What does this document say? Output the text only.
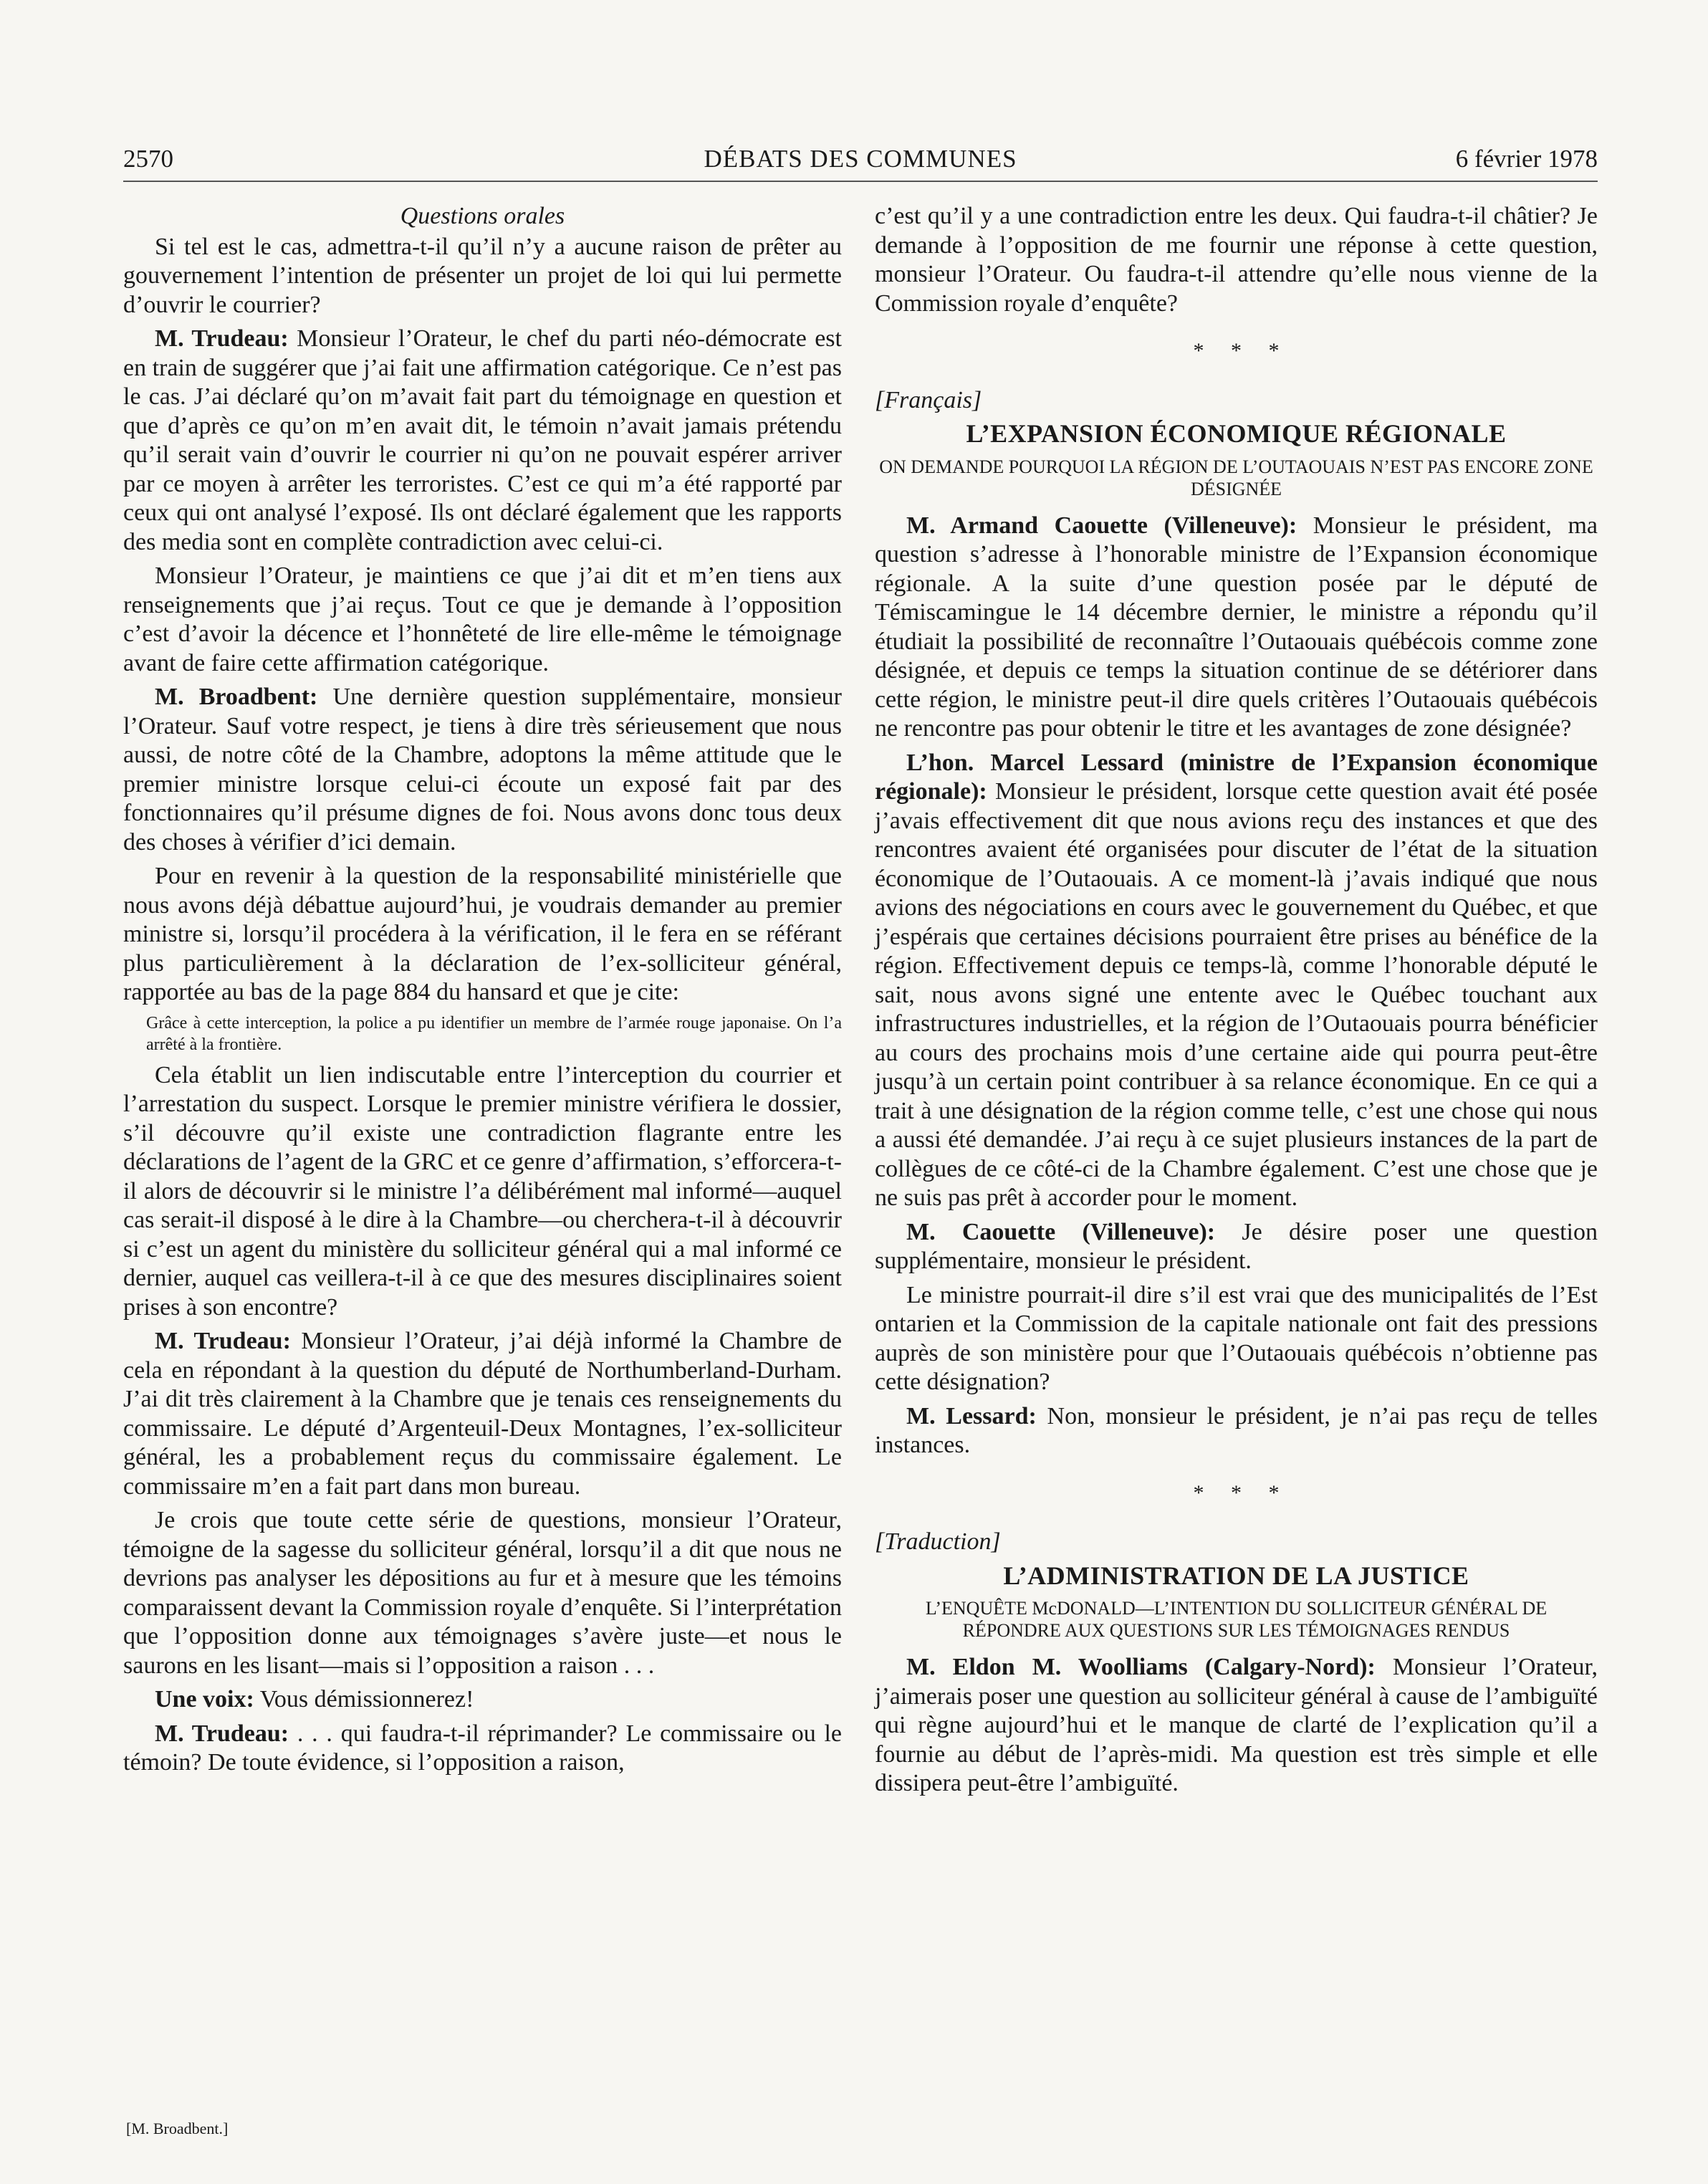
2570	DÉBATS DES COMMUNES	6 février 1978
Questions orales

Si tel est le cas, admettra-t-il qu’il n’y a aucune raison de prêter au gouvernement l’intention de présenter un projet de loi qui lui permette d’ouvrir le courrier?

M. Trudeau: Monsieur l’Orateur, le chef du parti néo-démocrate est en train de suggérer que j’ai fait une affirmation catégorique. Ce n’est pas le cas. J’ai déclaré qu’on m’avait fait part du témoignage en question et que d’après ce qu’on m’en avait dit, le témoin n’avait jamais prétendu qu’il serait vain d’ouvrir le courrier ni qu’on ne pouvait espérer arriver par ce moyen à arrêter les terroristes. C’est ce qui m’a été rapporté par ceux qui ont analysé l’exposé. Ils ont déclaré également que les rapports des media sont en complète contradiction avec celui-ci.

Monsieur l’Orateur, je maintiens ce que j’ai dit et m’en tiens aux renseignements que j’ai reçus. Tout ce que je demande à l’opposition c’est d’avoir la décence et l’honnêteté de lire elle-même le témoignage avant de faire cette affirmation catégorique.

M. Broadbent: Une dernière question supplémentaire, monsieur l’Orateur. Sauf votre respect, je tiens à dire très sérieusement que nous aussi, de notre côté de la Chambre, adoptons la même attitude que le premier ministre lorsque celui-ci écoute un exposé fait par des fonctionnaires qu’il présume dignes de foi. Nous avons donc tous deux des choses à vérifier d’ici demain.

Pour en revenir à la question de la responsabilité ministérielle que nous avons déjà débattue aujourd’hui, je voudrais demander au premier ministre si, lorsqu’il procédera à la vérification, il le fera en se référant plus particulièrement à la déclaration de l’ex-solliciteur général, rapportée au bas de la page 884 du hansard et que je cite:

Grâce à cette interception, la police a pu identifier un membre de l’armée rouge japonaise. On l’a arrêté à la frontière.

Cela établit un lien indiscutable entre l’interception du courrier et l’arrestation du suspect. Lorsque le premier ministre vérifiera le dossier, s’il découvre qu’il existe une contradiction flagrante entre les déclarations de l’agent de la GRC et ce genre d’affirmation, s’efforcera-t-il alors de découvrir si le ministre l’a délibérément mal informé—auquel cas serait-il disposé à le dire à la Chambre—ou cherchera-t-il à découvrir si c’est un agent du ministère du solliciteur général qui a mal informé ce dernier, auquel cas veillera-t-il à ce que des mesures disciplinaires soient prises à son encontre?

M. Trudeau: Monsieur l’Orateur, j’ai déjà informé la Chambre de cela en répondant à la question du député de Northumberland-Durham. J’ai dit très clairement à la Chambre que je tenais ces renseignements du commissaire. Le député d’Argenteuil-Deux Montagnes, l’ex-solliciteur général, les a probablement reçus du commissaire également. Le commissaire m’en a fait part dans mon bureau.

Je crois que toute cette série de questions, monsieur l’Orateur, témoigne de la sagesse du solliciteur général, lorsqu’il a dit que nous ne devrions pas analyser les dépositions au fur et à mesure que les témoins comparaissent devant la Commission royale d’enquête. Si l’interprétation que l’opposition donne aux témoignages s’avère juste—et nous le saurons en les lisant—mais si l’opposition a raison . . .

Une voix: Vous démissionnerez!

M. Trudeau: . . . qui faudra-t-il réprimander? Le commissaire ou le témoin? De toute évidence, si l’opposition a raison,

c’est qu’il y a une contradiction entre les deux. Qui faudra-t-il châtier? Je demande à l’opposition de me fournir une réponse à cette question, monsieur l’Orateur. Ou faudra-t-il attendre qu’elle nous vienne de la Commission royale d’enquête?

* * *
[Français]
L’EXPANSION ÉCONOMIQUE RÉGIONALE
ON DEMANDE POURQUOI LA RÉGION DE L’OUTAOUAIS N’EST PAS ENCORE ZONE DÉSIGNÉE

M. Armand Caouette (Villeneuve): Monsieur le président, ma question s’adresse à l’honorable ministre de l’Expansion économique régionale. A la suite d’une question posée par le député de Témiscamingue le 14 décembre dernier, le ministre a répondu qu’il étudiait la possibilité de reconnaître l’Outaouais québécois comme zone désignée, et depuis ce temps la situation continue de se détériorer dans cette région, le ministre peut-il dire quels critères l’Outaouais québécois ne rencontre pas pour obtenir le titre et les avantages de zone désignée?

L’hon. Marcel Lessard (ministre de l’Expansion économique régionale): Monsieur le président, lorsque cette question avait été posée j’avais effectivement dit que nous avions reçu des instances et que des rencontres avaient été organisées pour discuter de l’état de la situation économique de l’Outaouais. A ce moment-là j’avais indiqué que nous avions des négociations en cours avec le gouvernement du Québec, et que j’espérais que certaines décisions pourraient être prises au bénéfice de la région. Effectivement depuis ce temps-là, comme l’honorable député le sait, nous avons signé une entente avec le Québec touchant aux infrastructures industrielles, et la région de l’Outaouais pourra bénéficier au cours des prochains mois d’une certaine aide qui pourra peut-être jusqu’à un certain point contribuer à sa relance économique. En ce qui a trait à une désignation de la région comme telle, c’est une chose qui nous a aussi été demandée. J’ai reçu à ce sujet plusieurs instances de la part de collègues de ce côté-ci de la Chambre également. C’est une chose que je ne suis pas prêt à accorder pour le moment.

M. Caouette (Villeneuve): Je désire poser une question supplémentaire, monsieur le président.

Le ministre pourrait-il dire s’il est vrai que des municipalités de l’Est ontarien et la Commission de la capitale nationale ont fait des pressions auprès de son ministère pour que l’Outaouais québécois n’obtienne pas cette désignation?

M. Lessard: Non, monsieur le président, je n’ai pas reçu de telles instances.

* * *
[Traduction]
L’ADMINISTRATION DE LA JUSTICE
L’ENQUÊTE McDONALD—L’INTENTION DU SOLLICITEUR GÉNÉRAL DE RÉPONDRE AUX QUESTIONS SUR LES TÉMOIGNAGES RENDUS

M. Eldon M. Woolliams (Calgary-Nord): Monsieur l’Orateur, j’aimerais poser une question au solliciteur général à cause de l’ambiguïté qui règne aujourd’hui et le manque de clarté de l’explication qu’il a fournie au début de l’après-midi. Ma question est très simple et elle dissipera peut-être l’ambiguïté.

[M. Broadbent.]
